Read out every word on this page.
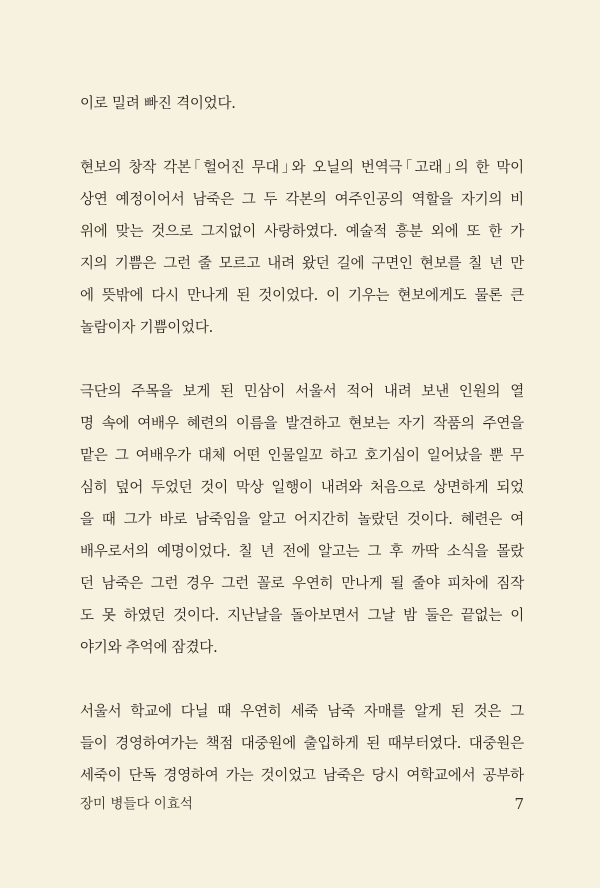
이로 밀려 빠진 격이었다.
현보의 창작 각본｢헐어진 무대｣와 오닐의 번역극｢고래｣의 한 막이
상연 예정이어서 남죽은 그 두 각본의 여주인공의 역할을 자기의 비
위에 맞는 것으로 그지없이 사랑하였다. 예술적 흥분 외에 또 한 가
지의 기쁨은 그런 줄 모르고 내려 왔던 길에 구면인 현보를 칠 년 만
에 뜻밖에 다시 만나게 된 것이었다. 이 기우는 현보에게도 물론 큰
놀람이자 기쁨이었다.
극단의 주목을 보게 된 민삼이 서울서 적어 내려 보낸 인원의 열
명 속에 여배우 혜련의 이름을 발견하고 현보는 자기 작품의 주연을
맡은 그 여배우가 대체 어떤 인물일꼬 하고 호기심이 일어났을 뿐 무
심히 덮어 두었던 것이 막상 일행이 내려와 처음으로 상면하게 되었
을 때 그가 바로 남죽임을 알고 어지간히 놀랐던 것이다. 혜련은 여
배우로서의 예명이었다. 칠 년 전에 알고는 그 후 까딱 소식을 몰랐
던 남죽은 그런 경우 그런 꼴로 우연히 만나게 될 줄야 피차에 짐작
도 못 하였던 것이다. 지난날을 돌아보면서 그날 밤 둘은 끝없는 이
야기와 추억에 잠겼다.
서울서 학교에 다닐 때 우연히 세죽 남죽 자매를 알게 된 것은 그
들이 경영하여가는 책점 대중원에 출입하게 된 때부터였다. 대중원은
세죽이 단독 경영하여 가는 것이었고 남죽은 당시 여학교에서 공부하
장미 병들다 이효석	7
